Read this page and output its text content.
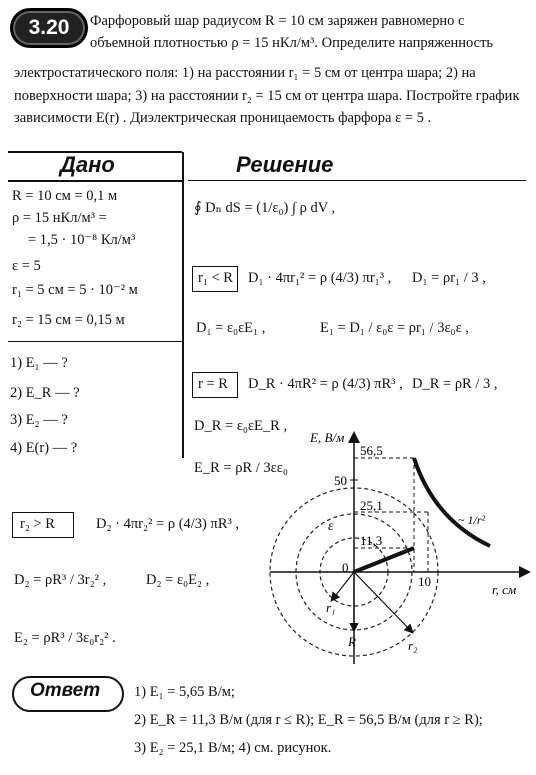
3.20	Фарфоровый шар радиусом R = 10 см заряжен равномерно с объемной плотностью ρ = 15 нКл/м³. Определите напряженность
электростатического поля: 1) на расстоянии r₁ = 5 см от центра шара; 2) на поверхности шара; 3) на расстоянии r₂ = 15 см от центра шара. Постройте график зависимости E(r) . Диэлектрическая проницаемость фарфора ε = 5 .
Дано	Решение
R = 10 см = 0,1 м
ρ = 15 нКл/м³ =
= 1,5 · 10⁻⁸ Кл/м³
ε = 5
r₁ = 5 см = 5 · 10⁻² м
r₂ = 15 см = 0,15 м
1) E₁ — ?
2) E_R — ?
3) E₂ — ?
4) E(r) — ?
∮ Dₙ dS = (1/ε₀) ∫ ρ dV ,
r₁ < R D₁ · 4πr₁² = ρ (4/3) πr₁³ , D₁ = ρr₁ / 3 ,
D₁ = ε₀εE₁ ,	E₁ = D₁ / ε₀ε = ρr₁ / 3ε₀ε ,
r = R D_R · 4πR² = ρ (4/3) πR³ , D_R = ρR / 3 ,
D_R = ε₀εE_R ,
E_R = ρR / 3εε₀
r₂ > R	D₂ · 4πr₂² = ρ (4/3) πR³ ,
D₂ = ρR³ / 3r₂² ,	D₂ = ε₀E₂ ,
E₂ = ρR³ / 3ε₀r₂² .
E, В/м
r, см
0
10
50
56,5
25,1
11,3
ε
r₁
R	r₂
~ 1/r²
Ответ 1) E₁ = 5,65 В/м;
2) E_R = 11,3 В/м (для r ≤ R); E_R = 56,5 В/м (для r ≥ R);
3) E₂ = 25,1 В/м; 4) см. рисунок.
